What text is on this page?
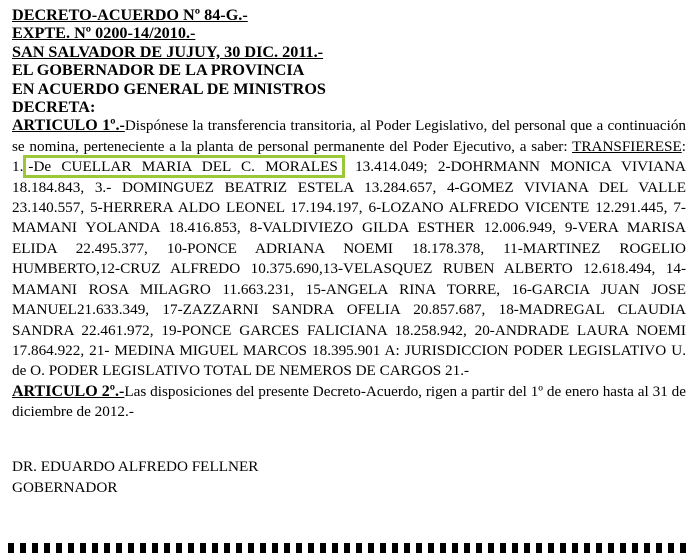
DECRETO-ACUERDO Nº 84-G.-
EXPTE. Nº 0200-14/2010.-
SAN SALVADOR DE JUJUY, 30 DIC. 2011.-
EL GOBERNADOR DE LA PROVINCIA
EN ACUERDO GENERAL DE MINISTROS
DECRETA:

ARTICULO 1º.-Dispónese la transferencia transitoria, al Poder Legislativo, del personal que a continuación se nomina, perteneciente a la planta de personal permanente del Poder Ejecutivo, a saber: TRANSFIERESE: 1. -De CUELLAR MARIA DEL C. MORALES 13.414.049; 2-DOHRMANN MONICA VIVIANA 18.184.843, 3.- DOMINGUEZ BEATRIZ ESTELA 13.284.657, 4-GOMEZ VIVIANA DEL VALLE 23.140.557, 5-HERRERA ALDO LEONEL 17.194.197, 6-LOZANO ALFREDO VICENTE 12.291.445, 7-MAMANI YOLANDA 18.416.853, 8-VALDIVIEZO GILDA ESTHER 12.006.949, 9-VERA MARISA ELIDA 22.495.377, 10-PONCE ADRIANA NOEMI 18.178.378, 11-MARTINEZ ROGELIO HUMBERTO,12-CRUZ ALFREDO 10.375.690,13-VELASQUEZ RUBEN ALBERTO 12.618.494, 14-MAMANI ROSA MILAGRO 11.663.231, 15-ANGELA RINA TORRE, 16-GARCIA JUAN JOSE MANUEL21.633.349, 17-ZAZZARNI SANDRA OFELIA 20.857.687, 18-MADREGAL CLAUDIA SANDRA 22.461.972, 19-PONCE GARCES FALICIANA 18.258.942, 20-ANDRADE LAURA NOEMI 17.864.922, 21- MEDINA MIGUEL MARCOS 18.395.901 A: JURISDICCION PODER LEGISLATIVO U. de O. PODER LEGISLATIVO TOTAL DE NEMEROS DE CARGOS 21.-

ARTICULO 2º.-Las disposiciones del presente Decreto-Acuerdo, rigen a partir del 1º de enero hasta al 31 de diciembre de 2012.-

DR. EDUARDO ALFREDO FELLNER
GOBERNADOR
